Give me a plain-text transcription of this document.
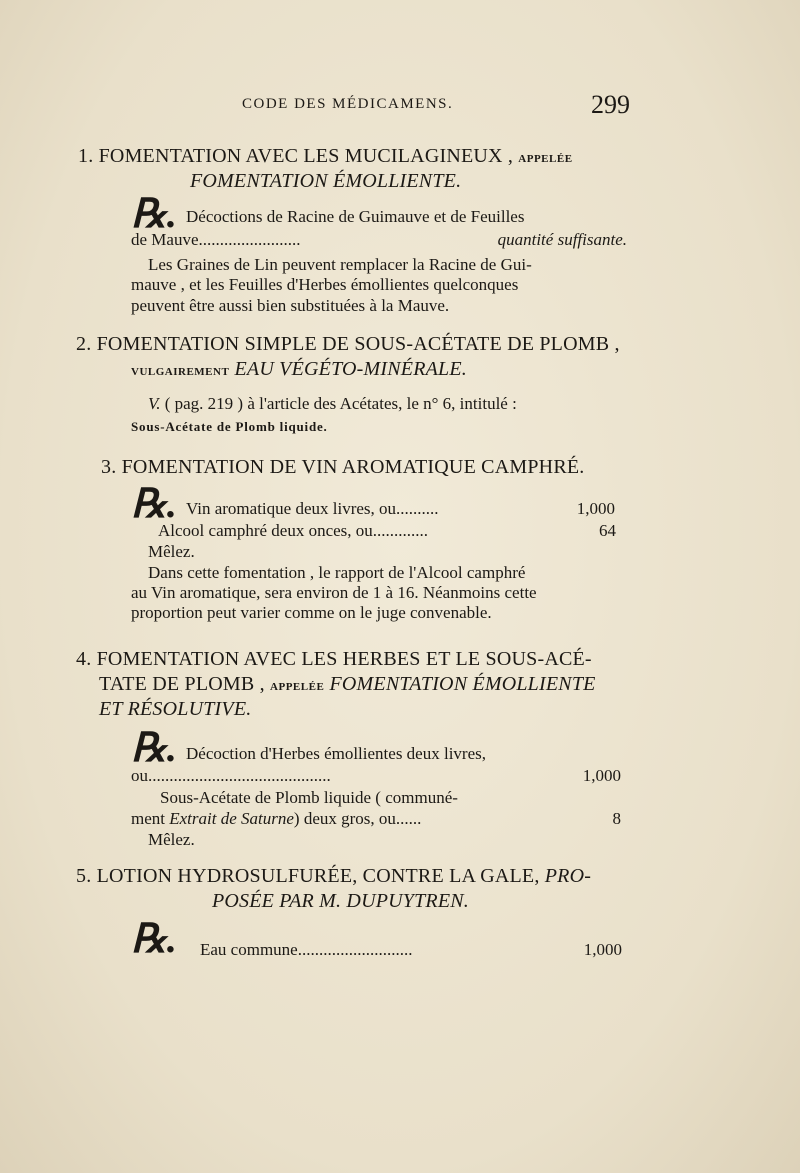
CODE DES MÉDICAMENS.	299
1. FOMENTATION AVEC LES MUCILAGINEUX , APPELÉE
FOMENTATION ÉMOLLIENTE.
℞. Décoctions de Racine de Guimauve et de Feuilles
de Mauve........................	quantité suffisante.
Les Graines de Lin peuvent remplacer la Racine de Gui-
mauve , et les Feuilles d'Herbes émollientes quelconques
peuvent être aussi bien substituées à la Mauve.
2. FOMENTATION SIMPLE DE SOUS-ACÉTATE DE PLOMB ,
VULGAIREMENT EAU VÉGÉTO-MINÉRALE.
V. ( pag. 219 ) à l'article des Acétates, le n° 6, intitulé :
Sous-Acétate de Plomb liquide.
3. FOMENTATION DE VIN AROMATIQUE CAMPHRÉ.
℞. Vin aromatique deux livres, ou..........	1,000
Alcool camphré deux onces, ou.............	64
Mêlez.
Dans cette fomentation , le rapport de l'Alcool camphré
au Vin aromatique, sera environ de 1 à 16. Néanmoins cette
proportion peut varier comme on le juge convenable.
4. FOMENTATION AVEC LES HERBES ET LE SOUS-ACÉ-
TATE DE PLOMB , APPELÉE FOMENTATION ÉMOLLIENTE
ET RÉSOLUTIVE.
℞. Décoction d'Herbes émollientes deux livres,
ou...........................................	1,000
Sous-Acétate de Plomb liquide ( communé-
ment Extrait de Saturne) deux gros, ou......	8
Mêlez.
5. LOTION HYDROSULFURÉE, CONTRE LA GALE, PRO-
POSÉE PAR M. DUPUYTREN.
℞. Eau commune...........................	1,000
